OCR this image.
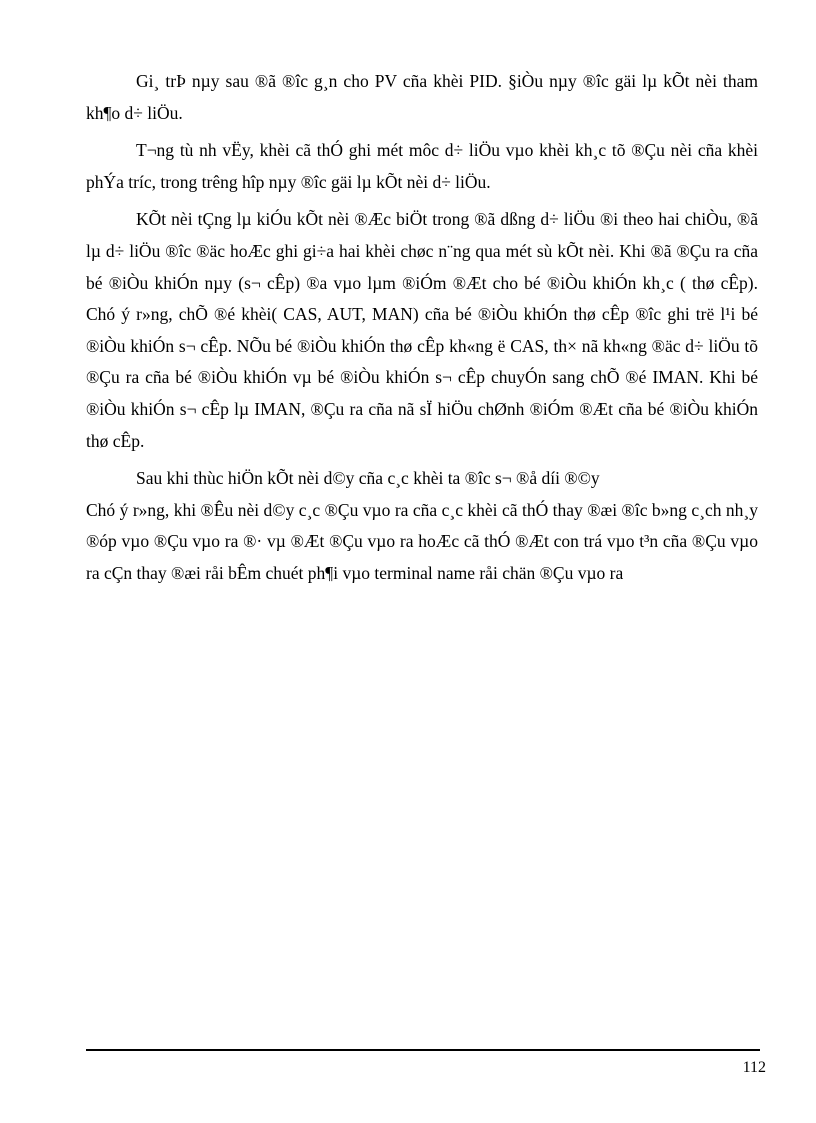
Gi¸ trÞ nµy sau ®ã ®îc g¸n cho PV cña khèi PID. §iÒu nµy ®îc gäi lµ kÕt nèi tham kh¶o d÷ liÖu.

T¬ng tù nh vËy, khèi cã thÓ ghi mét môc d÷ liÖu vµo khèi kh¸c tõ ®Çu nèi cña khèi phÝa tríc, trong trêng hîp nµy ®îc gäi lµ kÕt nèi d÷ liÖu.

KÕt nèi tÇng lµ kiÓu kÕt nèi ®Æc biÖt trong ®ã dßng d÷ liÖu ®i theo hai chiÒu, ®ã lµ d÷ liÖu ®îc ®äc hoÆc ghi gi÷a hai khèi chøc n¨ng qua mét sù kÕt nèi. Khi ®ã ®Çu ra cña bé ®iÒu khiÓn nµy (s¬ cÊp) ®a vµo lµm ®iÓm ®Æt cho bé ®iÒu khiÓn kh¸c ( thø cÊp). Chó ý r»ng, chÕ ®é khèi( CAS, AUT, MAN) cña bé ®iÒu khiÓn thø cÊp ®îc ghi trë l¹i bé ®iÒu khiÓn s¬ cÊp. NÕu bé ®iÒu khiÓn thø cÊp kh«ng ë CAS, th× nã kh«ng ®äc d÷ liÖu tõ ®Çu ra cña bé ®iÒu khiÓn vµ bé ®iÒu khiÓn s¬ cÊp chuyÓn sang chÕ ®é IMAN. Khi bé ®iÒu khiÓn s¬ cÊp lµ IMAN, ®Çu ra cña nã sÏ hiÖu chØnh ®iÓm ®Æt cña bé ®iÒu khiÓn thø cÊp.

Sau khi thùc hiÖn kÕt nèi d©y cña c¸c khèi ta ®îc s¬ ®å díi ®©y

Chó ý r»ng, khi ®Êu nèi d©y c¸c ®Çu vµo ra cña c¸c khèi cã thÓ thay ®æi ®îc b»ng c¸ch nh¸y ®óp vµo ®Çu vµo ra ®· vµ ®Æt ®Çu vµo ra hoÆc cã thÓ ®Æt con trá vµo t³n cña ®Çu vµo ra cÇn thay ®æi råi bÊm chuét ph¶i vµo terminal name råi chän ®Çu vµo ra

112
